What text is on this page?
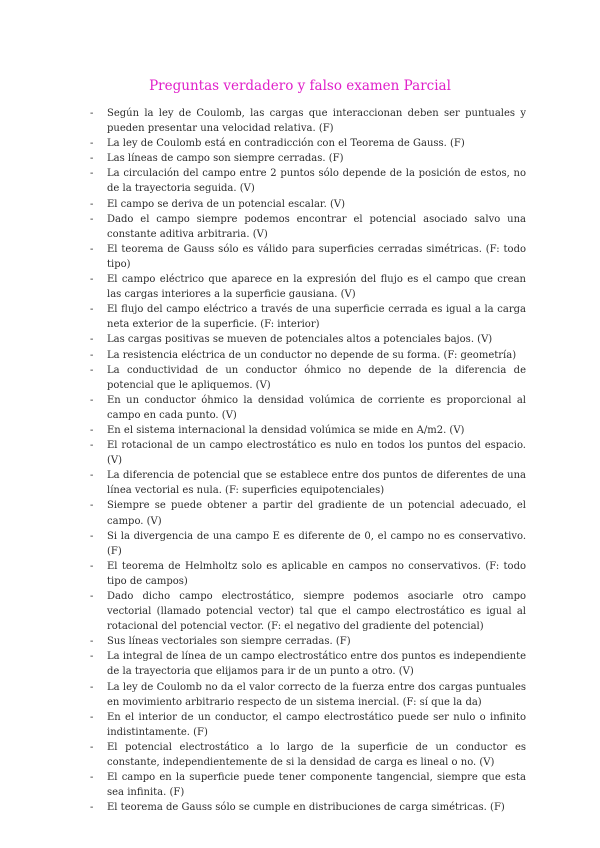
Preguntas verdadero y falso examen Parcial
-	Según la ley de Coulomb, las cargas que interaccionan deben ser puntuales y pueden presentar una velocidad relativa. (F)
-	La ley de Coulomb está en contradicción con el Teorema de Gauss. (F)
-	Las líneas de campo son siempre cerradas. (F)
-	La circulación del campo entre 2 puntos sólo depende de la posición de estos, no de la trayectoria seguida. (V)
-	El campo se deriva de un potencial escalar. (V)
-	Dado el campo siempre podemos encontrar el potencial asociado salvo una constante aditiva arbitraria. (V)
-	El teorema de Gauss sólo es válido para superficies cerradas simétricas. (F: todo tipo)
-	El campo eléctrico que aparece en la expresión del flujo es el campo que crean las cargas interiores a la superficie gausiana. (V)
-	El flujo del campo eléctrico a través de una superficie cerrada es igual a la carga neta exterior de la superficie. (F: interior)
-	Las cargas positivas se mueven de potenciales altos a potenciales bajos. (V)
-	La resistencia eléctrica de un conductor no depende de su forma. (F: geometría)
-	La conductividad de un conductor óhmico no depende de la diferencia de potencial que le apliquemos. (V)
-	En un conductor óhmico la densidad volúmica de corriente es proporcional al campo en cada punto. (V)
-	En el sistema internacional la densidad volúmica se mide en A/m2. (V)
-	El rotacional de un campo electrostático es nulo en todos los puntos del espacio. (V)
-	La diferencia de potencial que se establece entre dos puntos de diferentes de una línea vectorial es nula. (F: superficies equipotenciales)
-	Siempre se puede obtener a partir del gradiente de un potencial adecuado, el campo. (V)
-	Si la divergencia de una campo E es diferente de 0, el campo no es conservativo. (F)
-	El teorema de Helmholtz solo es aplicable en campos no conservativos. (F: todo tipo de campos)
-	Dado dicho campo electrostático, siempre podemos asociarle otro campo vectorial (llamado potencial vector) tal que el campo electrostático es igual al rotacional del potencial vector. (F: el negativo del gradiente del potencial)
-	Sus líneas vectoriales son siempre cerradas. (F)
-	La integral de línea de un campo electrostático entre dos puntos es independiente de la trayectoria que elijamos para ir de un punto a otro. (V)
-	La ley de Coulomb no da el valor correcto de la fuerza entre dos cargas puntuales en movimiento arbitrario respecto de un sistema inercial. (F: sí que la da)
-	En el interior de un conductor, el campo electrostático puede ser nulo o infinito indistintamente. (F)
-	El potencial electrostático a lo largo de la superficie de un conductor es constante, independientemente de si la densidad de carga es lineal o no. (V)
-	El campo en la superficie puede tener componente tangencial, siempre que esta sea infinita. (F)
-	El teorema de Gauss sólo se cumple en distribuciones de carga simétricas. (F)
